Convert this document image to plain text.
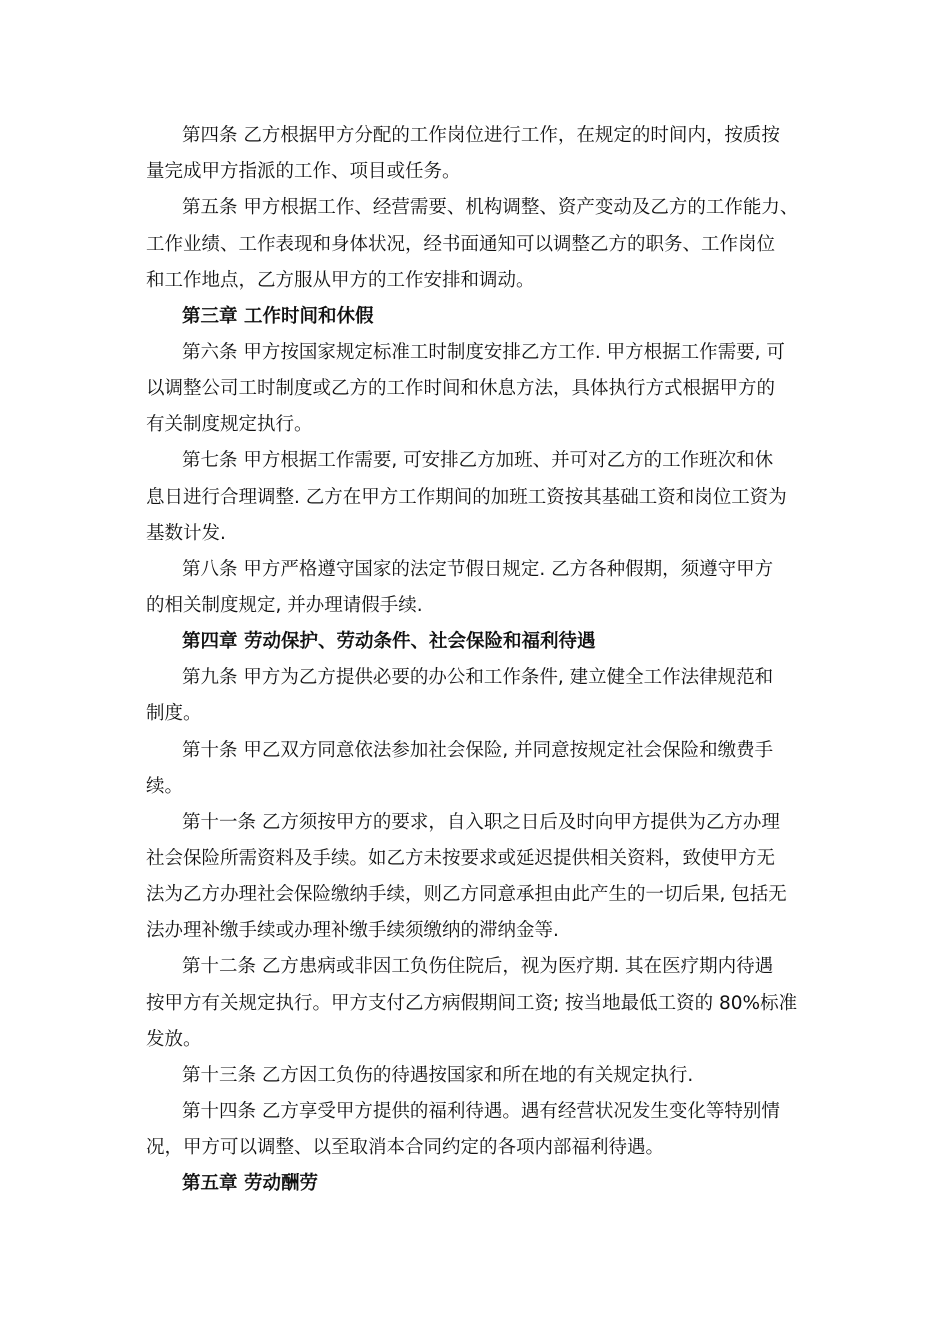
第四条 乙方根据甲方分配的工作岗位进行工作，在规定的时间内，按质按
量完成甲方指派的工作、项目或任务。
第五条 甲方根据工作、经营需要、机构调整、资产变动及乙方的工作能力、
工作业绩、工作表现和身体状况，经书面通知可以调整乙方的职务、工作岗位
和工作地点，乙方服从甲方的工作安排和调动。
第三章 工作时间和休假
第六条 甲方按国家规定标准工时制度安排乙方工作. 甲方根据工作需要, 可
以调整公司工时制度或乙方的工作时间和休息方法，具体执行方式根据甲方的
有关制度规定执行。
第七条 甲方根据工作需要, 可安排乙方加班、并可对乙方的工作班次和休
息日进行合理调整. 乙方在甲方工作期间的加班工资按其基础工资和岗位工资为
基数计发.
第八条 甲方严格遵守国家的法定节假日规定. 乙方各种假期，须遵守甲方
的相关制度规定, 并办理请假手续.
第四章 劳动保护、劳动条件、社会保险和福利待遇
第九条 甲方为乙方提供必要的办公和工作条件, 建立健全工作法律规范和
制度。
第十条 甲乙双方同意依法参加社会保险, 并同意按规定社会保险和缴费手
续。
第十一条 乙方须按甲方的要求，自入职之日后及时向甲方提供为乙方办理
社会保险所需资料及手续。如乙方未按要求或延迟提供相关资料，致使甲方无
法为乙方办理社会保险缴纳手续，则乙方同意承担由此产生的一切后果, 包括无
法办理补缴手续或办理补缴手续须缴纳的滞纳金等.
第十二条 乙方患病或非因工负伤住院后，视为医疗期. 其在医疗期内待遇
按甲方有关规定执行。甲方支付乙方病假期间工资; 按当地最低工资的 80%标准
发放。
第十三条 乙方因工负伤的待遇按国家和所在地的有关规定执行.
第十四条 乙方享受甲方提供的福利待遇。遇有经营状况发生变化等特别情
况，甲方可以调整、以至取消本合同约定的各项内部福利待遇。
第五章 劳动酬劳
